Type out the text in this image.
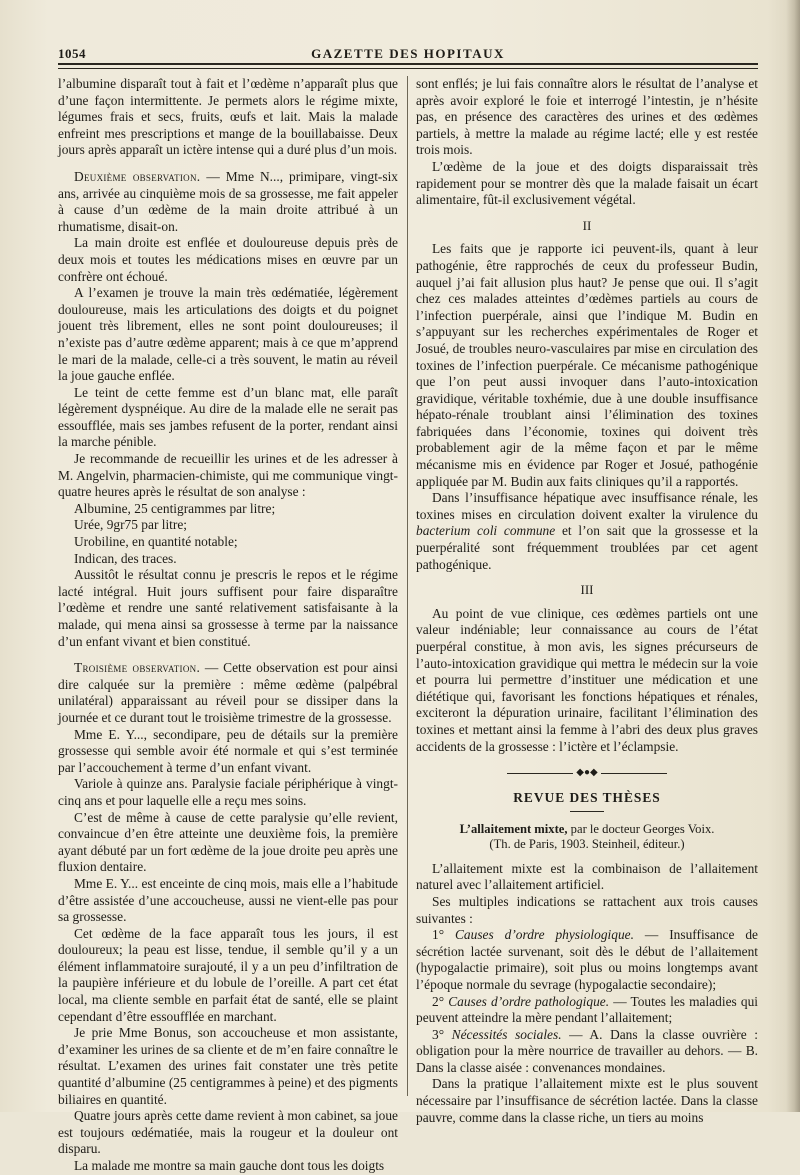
1054	GAZETTE DES HOPITAUX

l’albumine disparaît tout à fait et l’œdème n’apparaît plus que d’une façon intermittente. Je permets alors le régime mixte, légumes frais et secs, fruits, œufs et lait. Mais la malade enfreint mes prescriptions et mange de la bouillabaisse. Deux jours après apparaît un ictère intense qui a duré plus d’un mois.

Deuxième observation. — Mme N..., primipare, vingt-six ans, arrivée au cinquième mois de sa grossesse, me fait appeler à cause d’un œdème de la main droite attribué à un rhumatisme, disait-on.

La main droite est enflée et douloureuse depuis près de deux mois et toutes les médications mises en œuvre par un confrère ont échoué.

A l’examen je trouve la main très œdématiée, légèrement douloureuse, mais les articulations des doigts et du poignet jouent très librement, elles ne sont point douloureuses; il n’existe pas d’autre œdème apparent; mais à ce que m’apprend le mari de la malade, celle-ci a très souvent, le matin au réveil la joue gauche enflée.

Le teint de cette femme est d’un blanc mat, elle paraît légèrement dyspnéique. Au dire de la malade elle ne serait pas essoufflée, mais ses jambes refusent de la porter, rendant ainsi la marche pénible.

Je recommande de recueillir les urines et de les adresser à M. Angelvin, pharmacien-chimiste, qui me communique vingt-quatre heures après le résultat de son analyse :

Albumine, 25 centigrammes par litre;

Urée, 9gr75 par litre;

Urobiline, en quantité notable;

Indican, des traces.

Aussitôt le résultat connu je prescris le repos et le régime lacté intégral. Huit jours suffisent pour faire disparaître l’œdème et rendre une santé relativement satisfaisante à la malade, qui mena ainsi sa grossesse à terme par la naissance d’un enfant vivant et bien constitué.

Troisième observation. — Cette observation est pour ainsi dire calquée sur la première : même œdème (palpébral unilatéral) apparaissant au réveil pour se dissiper dans la journée et ce durant tout le troisième trimestre de la grossesse.

Mme E. Y..., secondipare, peu de détails sur la première grossesse qui semble avoir été normale et qui s’est terminée par l’accouchement à terme d’un enfant vivant.

Variole à quinze ans. Paralysie faciale périphérique à vingt-cinq ans et pour laquelle elle a reçu mes soins.

C’est de même à cause de cette paralysie qu’elle revient, convaincue d’en être atteinte une deuxième fois, la première ayant débuté par un fort œdème de la joue droite peu après une fluxion dentaire.

Mme E. Y... est enceinte de cinq mois, mais elle a l’habitude d’être assistée d’une accoucheuse, aussi ne vient-elle pas pour sa grossesse.

Cet œdème de la face apparaît tous les jours, il est douloureux; la peau est lisse, tendue, il semble qu’il y a un élément inflammatoire surajouté, il y a un peu d’infiltration de la paupière inférieure et du lobule de l’oreille. A part cet état local, ma cliente semble en parfait état de santé, elle se plaint cependant d’être essoufflée en marchant.

Je prie Mme Bonus, son accoucheuse et mon assistante, d’examiner les urines de sa cliente et de m’en faire connaître le résultat. L’examen des urines fait constater une très petite quantité d’albumine (25 centigrammes à peine) et des pigments biliaires en quantité.

Quatre jours après cette dame revient à mon cabinet, sa joue est toujours œdématiée, mais la rougeur et la douleur ont disparu.

La malade me montre sa main gauche dont tous les doigts

sont enflés; je lui fais connaître alors le résultat de l’analyse et après avoir exploré le foie et interrogé l’intestin, je n’hésite pas, en présence des caractères des urines et des œdèmes partiels, à mettre la malade au régime lacté; elle y est restée trois mois.

L’œdème de la joue et des doigts disparaissait très rapidement pour se montrer dès que la malade faisait un écart alimentaire, fût-il exclusivement végétal.

II

Les faits que je rapporte ici peuvent-ils, quant à leur pathogénie, être rapprochés de ceux du professeur Budin, auquel j’ai fait allusion plus haut? Je pense que oui. Il s’agit chez ces malades atteintes d’œdèmes partiels au cours de l’infection puerpérale, ainsi que l’indique M. Budin en s’appuyant sur les recherches expérimentales de Roger et Josué, de troubles neuro-vasculaires par mise en circulation des toxines de l’infection puerpérale. Ce mécanisme pathogénique que l’on peut aussi invoquer dans l’auto-intoxication gravidique, véritable toxhémie, due à une double insuffisance hépato-rénale troublant ainsi l’élimination des toxines fabriquées dans l’économie, toxines qui doivent très probablement agir de la même façon et par le même mécanisme mis en évidence par Roger et Josué, pathogénie appliquée par M. Budin aux faits cliniques qu’il a rapportés.

Dans l’insuffisance hépatique avec insuffisance rénale, les toxines mises en circulation doivent exalter la virulence du bacterium coli commune et l’on sait que la grossesse et la puerpéralité sont fréquemment troublées par cet agent pathogénique.

III

Au point de vue clinique, ces œdèmes partiels ont une valeur indéniable; leur connaissance au cours de l’état puerpéral constitue, à mon avis, les signes précurseurs de l’auto-intoxication gravidique qui mettra le médecin sur la voie et pourra lui permettre d’instituer une médication et une diététique qui, favorisant les fonctions hépatiques et rénales, exciteront la dépuration urinaire, facilitant l’élimination des toxines et mettant ainsi la femme à l’abri des deux plus graves accidents de la grossesse : l’ictère et l’éclampsie.

◆●◆

REVUE DES THÈSES

L’allaitement mixte, par le docteur Georges Voix.
(Th. de Paris, 1903. Steinheil, éditeur.)

L’allaitement mixte est la combinaison de l’allaitement naturel avec l’allaitement artificiel.

Ses multiples indications se rattachent aux trois causes suivantes :

1° Causes d’ordre physiologique. — Insuffisance de sécrétion lactée survenant, soit dès le début de l’allaitement (hypogalactie primaire), soit plus ou moins longtemps avant l’époque normale du sevrage (hypogalactie secondaire);

2° Causes d’ordre pathologique. — Toutes les maladies qui peuvent atteindre la mère pendant l’allaitement;

3° Nécessités sociales. — A. Dans la classe ouvrière : obligation pour la mère nourrice de travailler au dehors. — B. Dans la classe aisée : convenances mondaines.

Dans la pratique l’allaitement mixte est le plus souvent nécessaire par l’insuffisance de sécrétion lactée. Dans la classe pauvre, comme dans la classe riche, un tiers au moins
